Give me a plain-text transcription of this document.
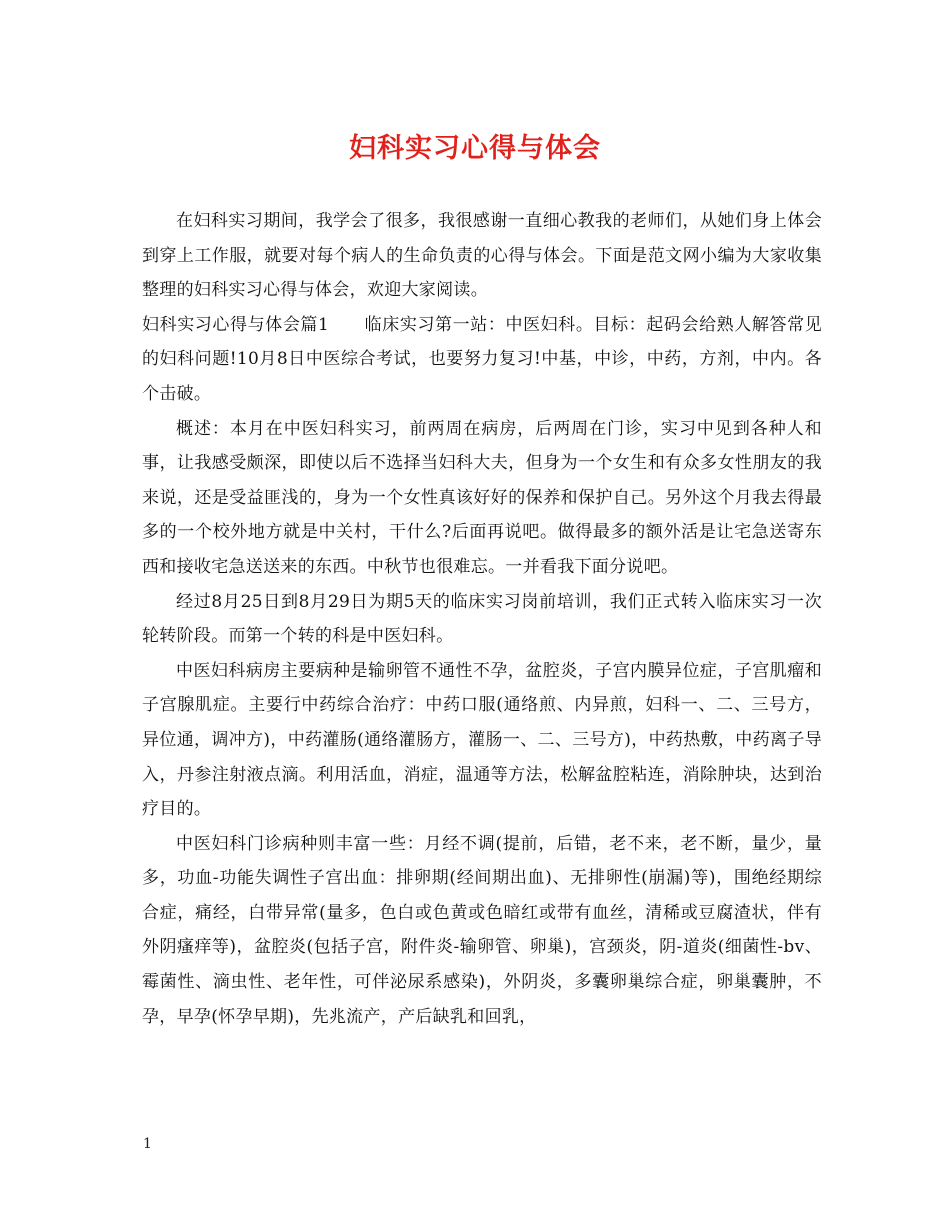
妇科实习心得与体会

在妇科实习期间，我学会了很多，我很感谢一直细心教我的老师们，从她们身上体会到穿上工作服，就要对每个病人的生命负责的心得与体会。下面是范文网小编为大家收集整理的妇科实习心得与体会，欢迎大家阅读。

妇科实习心得与体会篇1　　临床实习第一站：中医妇科。目标：起码会给熟人解答常见的妇科问题!10月8日中医综合考试，也要努力复习!中基，中诊，中药，方剂，中内。各个击破。

概述：本月在中医妇科实习，前两周在病房，后两周在门诊，实习中见到各种人和事，让我感受颇深，即使以后不选择当妇科大夫，但身为一个女生和有众多女性朋友的我来说，还是受益匪浅的，身为一个女性真该好好的保养和保护自己。另外这个月我去得最多的一个校外地方就是中关村，干什么?后面再说吧。做得最多的额外活是让宅急送寄东西和接收宅急送送来的东西。中秋节也很难忘。一并看我下面分说吧。

经过8月25日到8月29日为期5天的临床实习岗前培训，我们正式转入临床实习一次轮转阶段。而第一个转的科是中医妇科。

中医妇科病房主要病种是输卵管不通性不孕，盆腔炎，子宫内膜异位症，子宫肌瘤和子宫腺肌症。主要行中药综合治疗：中药口服(通络煎、内异煎，妇科一、二、三号方，异位通，调冲方)，中药灌肠(通络灌肠方，灌肠一、二、三号方)，中药热敷，中药离子导入，丹参注射液点滴。利用活血，消症，温通等方法，松解盆腔粘连，消除肿块，达到治疗目的。

中医妇科门诊病种则丰富一些：月经不调(提前，后错，老不来，老不断，量少，量多，功血-功能失调性子宫出血：排卵期(经间期出血)、无排卵性(崩漏)等)，围绝经期综合症，痛经，白带异常(量多，色白或色黄或色暗红或带有血丝，清稀或豆腐渣状，伴有外阴瘙痒等)，盆腔炎(包括子宫，附件炎-输卵管、卵巢)，宫颈炎，阴-道炎(细菌性-bv、霉菌性、滴虫性、老年性，可伴泌尿系感染)，外阴炎，多囊卵巢综合症，卵巢囊肿，不孕，早孕(怀孕早期)，先兆流产，产后缺乳和回乳，

1
